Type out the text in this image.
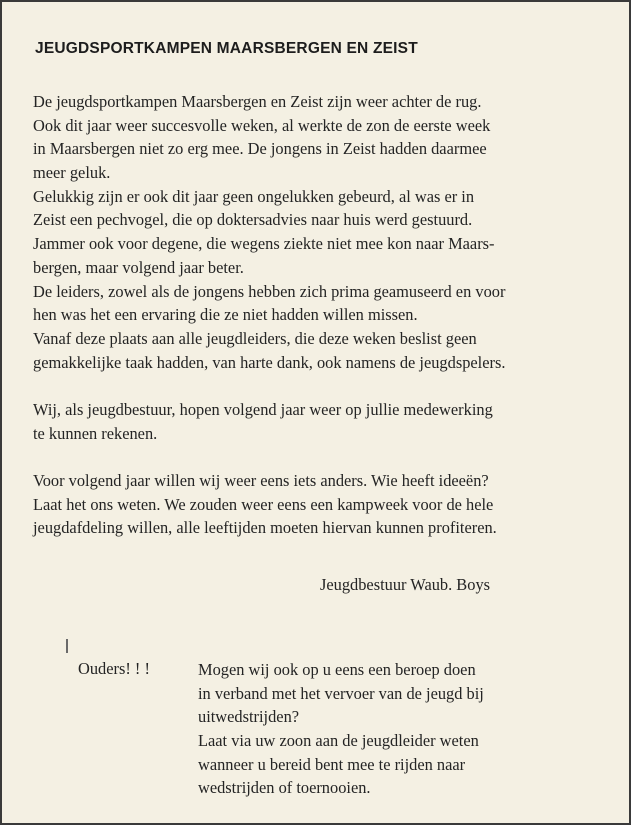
JEUGDSPORTKAMPEN MAARSBERGEN EN ZEIST
De jeugdsportkampen Maarsbergen en Zeist zijn weer achter de rug.
Ook dit jaar weer succesvolle weken, al werkte de zon de eerste week
in Maarsbergen niet zo erg mee. De jongens in Zeist hadden daarmee
meer geluk.
Gelukkig zijn er ook dit jaar geen ongelukken gebeurd, al was er in
Zeist een pechvogel, die op doktersadvies naar huis werd gestuurd.
Jammer ook voor degene, die wegens ziekte niet mee kon naar Maars-
bergen, maar volgend jaar beter.
De leiders, zowel als de jongens hebben zich prima geamuseerd en voor
hen was het een ervaring die ze niet hadden willen missen.
Vanaf deze plaats aan alle jeugdleiders, die deze weken beslist geen
gemakkelijke taak hadden, van harte dank, ook namens de jeugdspelers.
Wij, als jeugdbestuur, hopen volgend jaar weer op jullie medewerking
te kunnen rekenen.
Voor volgend jaar willen wij weer eens iets anders. Wie heeft ideeën?
Laat het ons weten. We zouden weer eens een kampweek voor de hele
jeugdafdeling willen, alle leeftijden moeten hiervan kunnen profiteren.
Jeugdbestuur Waub. Boys
Ouders! ! !	Mogen wij ook op u eens een beroep doen
in verband met het vervoer van de jeugd bij
uitwedstrijden?
Laat via uw zoon aan de jeugdleider weten
wanneer u bereid bent mee te rijden naar
wedstrijden of toernooien.
